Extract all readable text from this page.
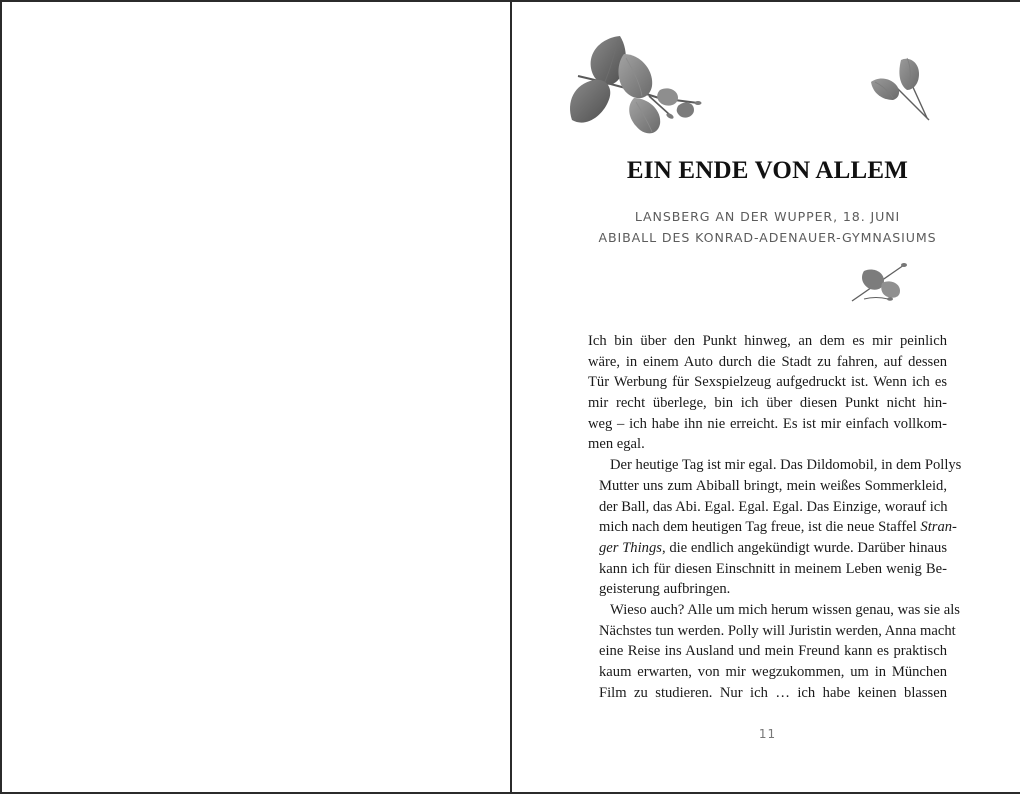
EIN ENDE VON ALLEM
LANSBERG AN DER WUPPER, 18. JUNI
ABIBALL DES KONRAD-ADENAUER-GYMNASIUMS

Ich bin über den Punkt hinweg, an dem es mir peinlich
wäre, in einem Auto durch die Stadt zu fahren, auf dessen
Tür Werbung für Sexspielzeug aufgedruckt ist. Wenn ich es
mir recht überlege, bin ich über diesen Punkt nicht hin-
weg – ich habe ihn nie erreicht. Es ist mir einfach vollkom-
men egal.

Der heutige Tag ist mir egal. Das Dildomobil, in dem Pollys
Mutter uns zum Abiball bringt, mein weißes Sommerkleid,
der Ball, das Abi. Egal. Egal. Egal. Das Einzige, worauf ich
mich nach dem heutigen Tag freue, ist die neue Staffel Stran-
ger Things, die endlich angekündigt wurde. Darüber hinaus
kann ich für diesen Einschnitt in meinem Leben wenig Be-
geisterung aufbringen.

Wieso auch? Alle um mich herum wissen genau, was sie als
Nächstes tun werden. Polly will Juristin werden, Anna macht
eine Reise ins Ausland und mein Freund kann es praktisch
kaum erwarten, von mir wegzukommen, um in München
Film zu studieren. Nur ich … ich habe keinen blassen

11
